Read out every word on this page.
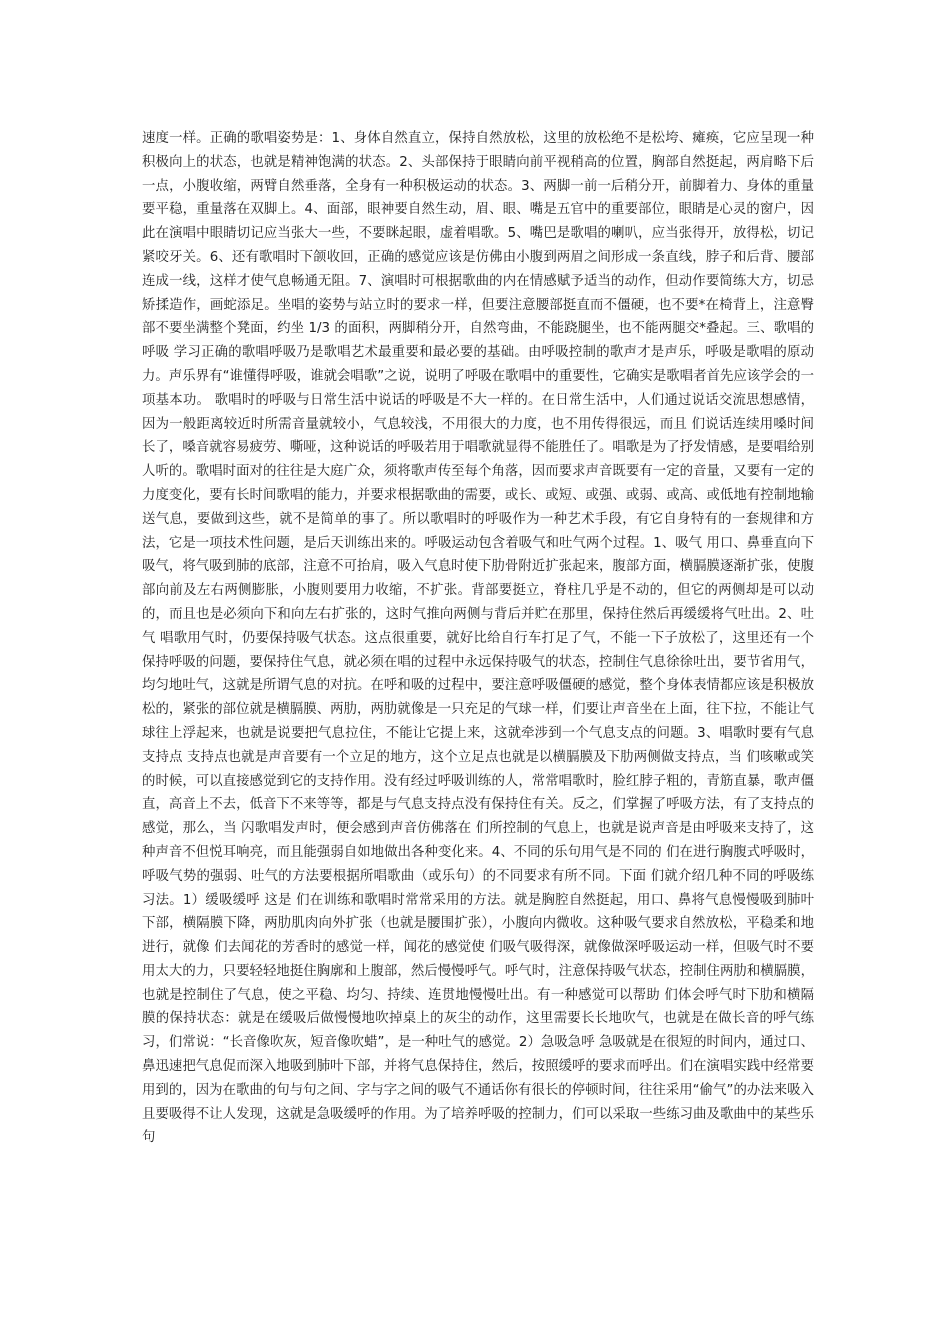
速度一样。正确的歌唱姿势是：1、身体自然直立，保持自然放松，这里的放松绝不是松垮、瘫痪，它应呈现一种积极向上的状态，也就是精神饱满的状态。2、头部保持于眼睛向前平视稍高的位置，胸部自然挺起，两肩略下后一点，小腹收缩，两臂自然垂落，全身有一种积极运动的状态。3、两脚一前一后稍分开，前脚着力、身体的重量要平稳，重量落在双脚上。4、面部，眼神要自然生动，眉、眼、嘴是五官中的重要部位，眼睛是心灵的窗户，因此在演唱中眼睛切记应当张大一些，不要眯起眼，虚着唱歌。5、嘴巴是歌唱的喇叭，应当张得开，放得松，切记紧咬牙关。6、还有歌唱时下颌收回，正确的感觉应该是仿佛由小腹到两眉之间形成一条直线，脖子和后背、腰部连成一线，这样才使气息畅通无阻。7、演唱时可根据歌曲的内在情感赋予适当的动作，但动作要简练大方，切忌矫揉造作，画蛇添足。坐唱的姿势与站立时的要求一样，但要注意腰部挺直而不僵硬，也不要*在椅背上，注意臀部不要坐满整个凳面，约坐 1/3 的面积，两脚稍分开，自然弯曲，不能跷腿坐，也不能两腿交*叠起。三、歌唱的呼吸 学习正确的歌唱呼吸乃是歌唱艺术最重要和最必要的基础。由呼吸控制的歌声才是声乐，呼吸是歌唱的原动力。声乐界有“谁懂得呼吸，谁就会唱歌”之说，说明了呼吸在歌唱中的重要性，它确实是歌唱者首先应该学会的一项基本功。 歌唱时的呼吸与日常生活中说话的呼吸是不大一样的。在日常生活中，人们通过说话交流思想感情，因为一般距离较近时所需音量就较小，气息较浅，不用很大的力度，也不用传得很远，而且 们说话连续用嗓时间长了，嗓音就容易疲劳、嘶哑，这种说话的呼吸若用于唱歌就显得不能胜任了。唱歌是为了抒发情感，是要唱给别人听的。歌唱时面对的往往是大庭广众，须将歌声传至每个角落，因而要求声音既要有一定的音量，又要有一定的力度变化，要有长时间歌唱的能力，并要求根据歌曲的需要，或长、或短、或强、或弱、或高、或低地有控制地输送气息，要做到这些，就不是简单的事了。所以歌唱时的呼吸作为一种艺术手段，有它自身特有的一套规律和方法，它是一项技术性问题，是后天训练出来的。呼吸运动包含着吸气和吐气两个过程。1、吸气 用口、鼻垂直向下吸气，将气吸到肺的底部，注意不可抬肩，吸入气息时使下肋骨附近扩张起来，腹部方面，横膈膜逐渐扩张，使腹部向前及左右两侧膨胀，小腹则要用力收缩，不扩张。背部要挺立，脊柱几乎是不动的，但它的两侧却是可以动的，而且也是必须向下和向左右扩张的，这时气推向两侧与背后并贮在那里，保持住然后再缓缓将气吐出。2、吐气 唱歌用气时，仍要保持吸气状态。这点很重要，就好比给自行车打足了气，不能一下子放松了，这里还有一个保持呼吸的问题，要保持住气息，就必须在唱的过程中永远保持吸气的状态，控制住气息徐徐吐出，要节省用气，均匀地吐气，这就是所谓气息的对抗。在呼和吸的过程中，要注意呼吸僵硬的感觉，整个身体表情都应该是积极放松的，紧张的部位就是横膈膜、两肋，两肋就像是一只充足的气球一样，们要让声音坐在上面，往下拉，不能让气球往上浮起来，也就是说要把气息拉住，不能让它提上来，这就牵涉到一个气息支点的问题。3、唱歌时要有气息支持点 支持点也就是声音要有一个立足的地方，这个立足点也就是以横膈膜及下肋两侧做支持点，当 们咳嗽或笑的时候，可以直接感觉到它的支持作用。没有经过呼吸训练的人，常常唱歌时，脸红脖子粗的，青筋直暴，歌声僵直，高音上不去，低音下不来等等，都是与气息支持点没有保持住有关。反之，们掌握了呼吸方法，有了支持点的感觉，那么，当 闪歌唱发声时，便会感到声音仿佛落在 们所控制的气息上，也就是说声音是由呼吸来支持了，这种声音不但悦耳响亮，而且能强弱自如地做出各种变化来。4、不同的乐句用气是不同的 们在进行胸腹式呼吸时，呼吸气势的强弱、吐气的方法要根据所唱歌曲（或乐句）的不同要求有所不同。下面 们就介绍几种不同的呼吸练习法。1）缓吸缓呼 这是 们在训练和歌唱时常常采用的方法。就是胸腔自然挺起，用口、鼻将气息慢慢吸到肺叶下部，横隔膜下降，两肋肌肉向外扩张（也就是腰围扩张），小腹向内微收。这种吸气要求自然放松，平稳柔和地进行，就像 们去闻花的芳香时的感觉一样，闻花的感觉使 们吸气吸得深，就像做深呼吸运动一样，但吸气时不要用太大的力，只要轻轻地挺住胸廓和上腹部，然后慢慢呼气。呼气时，注意保持吸气状态，控制住两肋和横膈膜，也就是控制住了气息，使之平稳、均匀、持续、连贯地慢慢吐出。有一种感觉可以帮助 们体会呼气时下肋和横隔膜的保持状态：就是在缓吸后做慢慢地吹掉桌上的灰尘的动作，这里需要长长地吹气，也就是在做长音的呼气练习，们常说：“长音像吹灰，短音像吹蜡”，是一种吐气的感觉。2）急吸急呼 急吸就是在很短的时间内，通过口、鼻迅速把气息促而深入地吸到肺叶下部，并将气息保持住，然后，按照缓呼的要求而呼出。们在演唱实践中经常要用到的，因为在歌曲的句与句之间、字与字之间的吸气不通话你有很长的停顿时间，往往采用“偷气”的办法来吸入且要吸得不让人发现，这就是急吸缓呼的作用。为了培养呼吸的控制力，们可以采取一些练习曲及歌曲中的某些乐句
